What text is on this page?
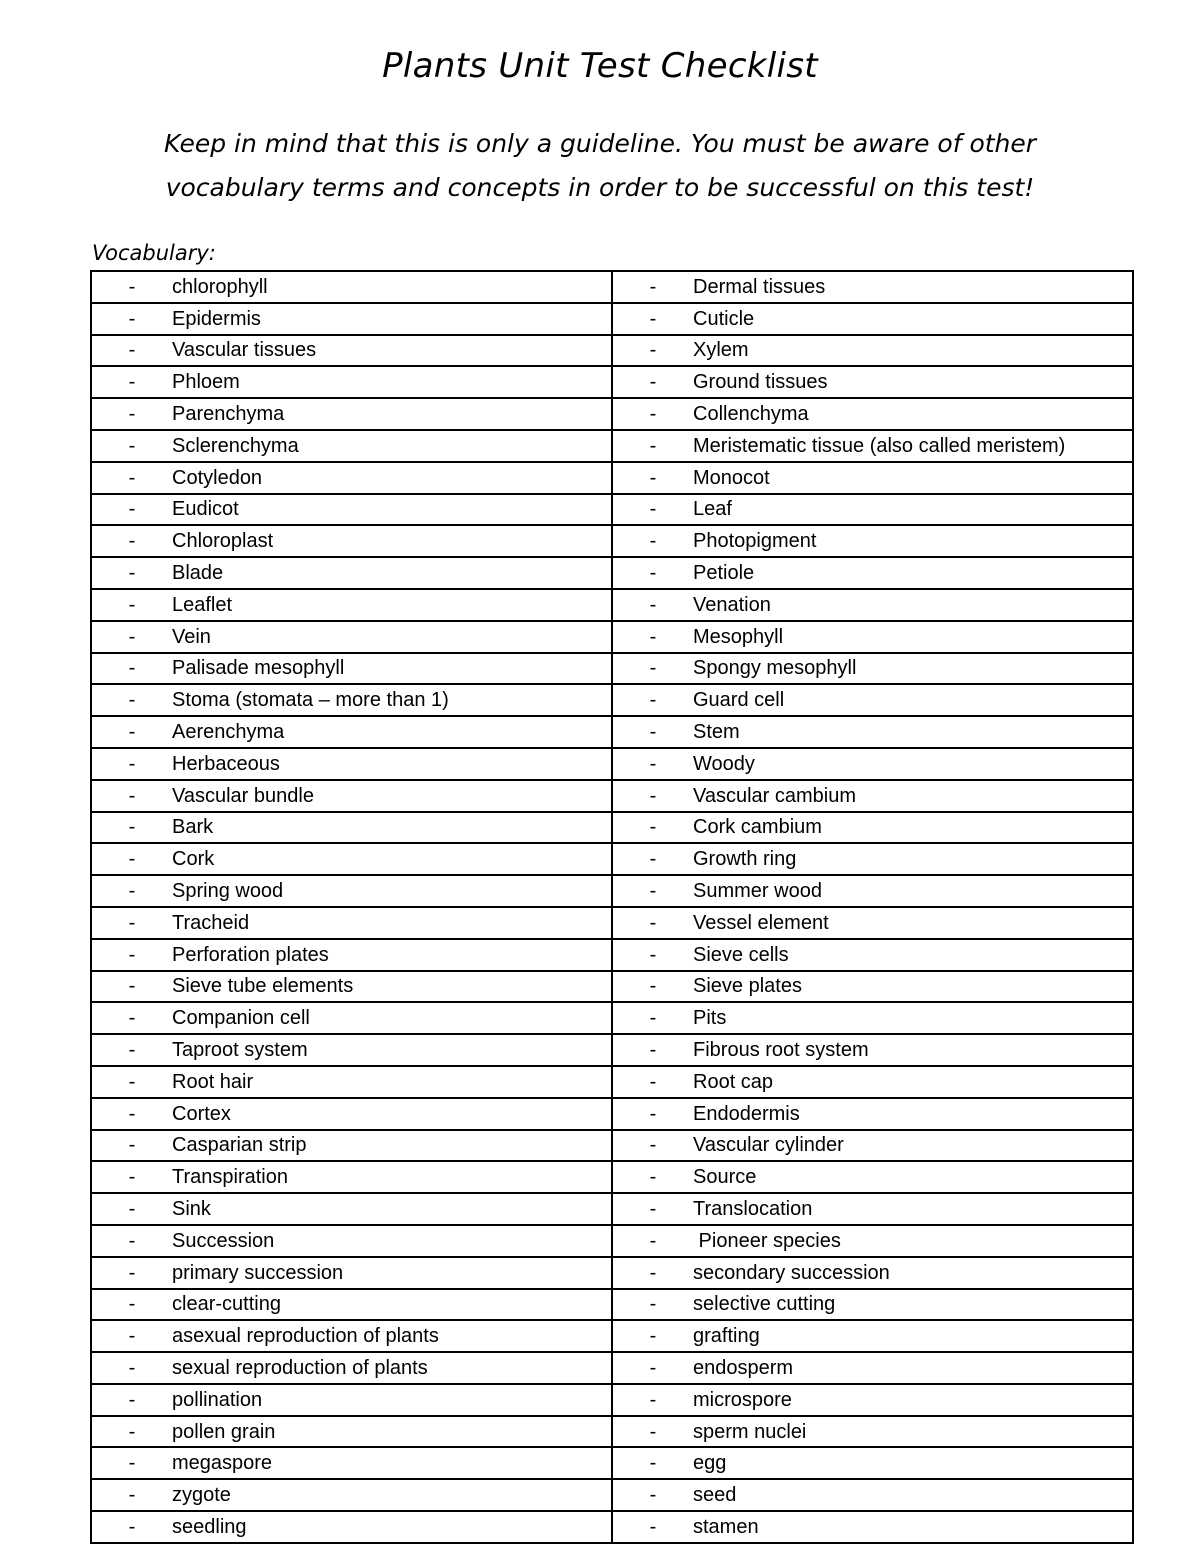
Plants Unit Test Checklist
Keep in mind that this is only a guideline. You must be aware of other vocabulary terms and concepts in order to be successful on this test!
Vocabulary:
- chlorophyll	- Dermal tissues
- Epidermis	- Cuticle
- Vascular tissues	- Xylem
- Phloem	- Ground tissues
- Parenchyma	- Collenchyma
- Sclerenchyma	- Meristematic tissue (also called meristem)
- Cotyledon	- Monocot
- Eudicot	- Leaf
- Chloroplast	- Photopigment
- Blade	- Petiole
- Leaflet	- Venation
- Vein	- Mesophyll
- Palisade mesophyll	- Spongy mesophyll
- Stoma (stomata – more than 1)	- Guard cell
- Aerenchyma	- Stem
- Herbaceous	- Woody
- Vascular bundle	- Vascular cambium
- Bark	- Cork cambium
- Cork	- Growth ring
- Spring wood	- Summer wood
- Tracheid	- Vessel element
- Perforation plates	- Sieve cells
- Sieve tube elements	- Sieve plates
- Companion cell	- Pits
- Taproot system	- Fibrous root system
- Root hair	- Root cap
- Cortex	- Endodermis
- Casparian strip	- Vascular cylinder
- Transpiration	- Source
- Sink	- Translocation
- Succession	- Pioneer species
- primary succession	- secondary succession
- clear-cutting	- selective cutting
- asexual reproduction of plants	- grafting
- sexual reproduction of plants	- endosperm
- pollination	- microspore
- pollen grain	- sperm nuclei
- megaspore	- egg
- zygote	- seed
- seedling	- stamen
